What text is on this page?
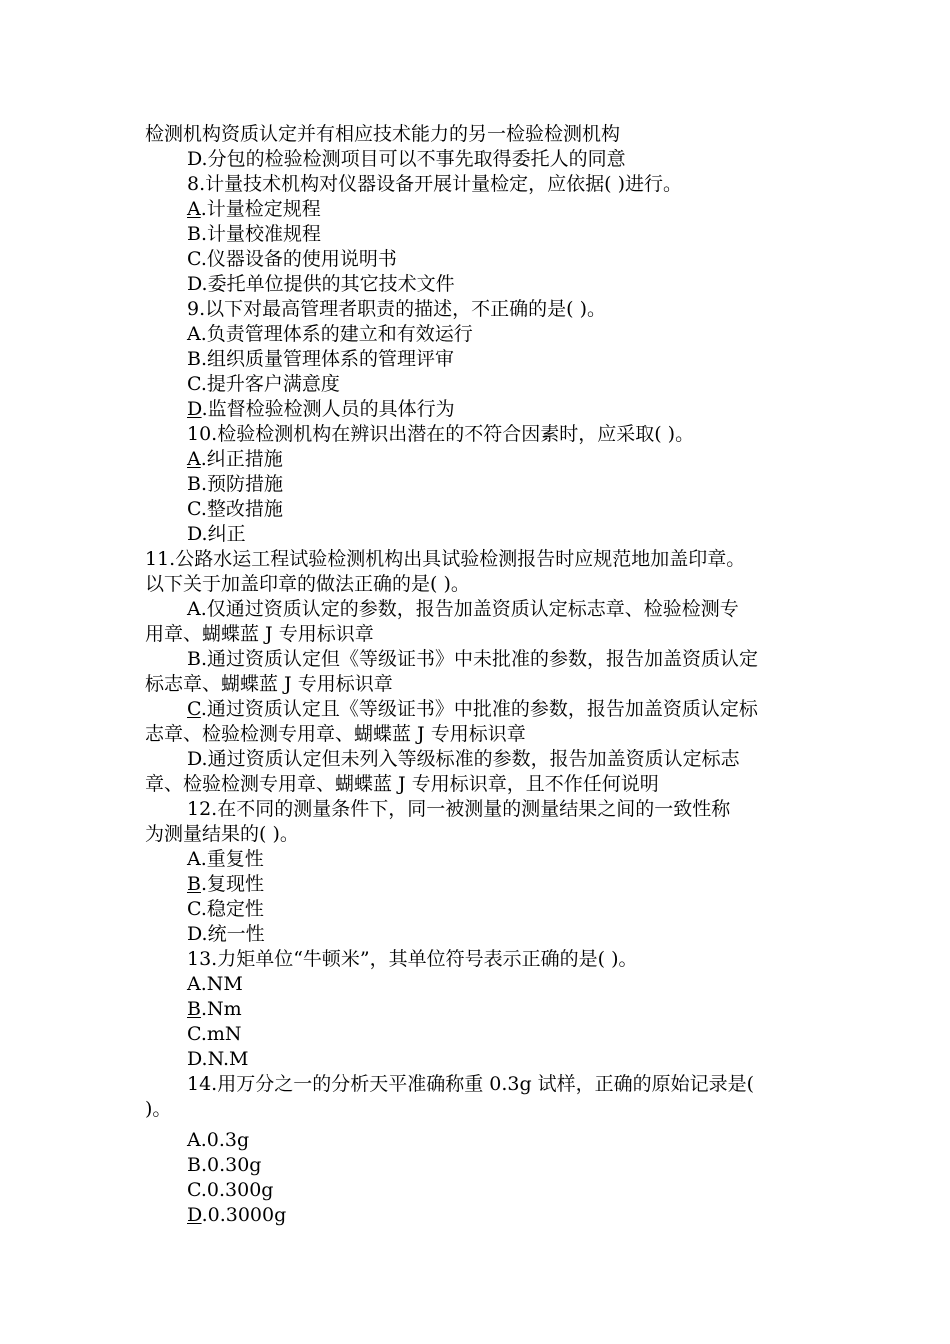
检测机构资质认定并有相应技术能力的另一检验检测机构
D.分包的检验检测项目可以不事先取得委托人的同意
8.计量技术机构对仪器设备开展计量检定，应依据( )进行。
A.计量检定规程
B.计量校准规程
C.仪器设备的使用说明书
D.委托单位提供的其它技术文件
9.以下对最高管理者职责的描述，不正确的是( )。
A.负责管理体系的建立和有效运行
B.组织质量管理体系的管理评审
C.提升客户满意度
D.监督检验检测人员的具体行为
10.检验检测机构在辨识出潜在的不符合因素时，应采取( )。
A.纠正措施
B.预防措施
C.整改措施
D.纠正
11.公路水运工程试验检测机构出具试验检测报告时应规范地加盖印章。
以下关于加盖印章的做法正确的是( )。
A.仅通过资质认定的参数，报告加盖资质认定标志章、检验检测专
用章、蝴蝶蓝 J 专用标识章
B.通过资质认定但《等级证书》中未批准的参数，报告加盖资质认定
标志章、蝴蝶蓝 J 专用标识章
C.通过资质认定且《等级证书》中批准的参数，报告加盖资质认定标
志章、检验检测专用章、蝴蝶蓝 J 专用标识章
D.通过资质认定但未列入等级标准的参数，报告加盖资质认定标志
章、检验检测专用章、蝴蝶蓝 J 专用标识章，且不作任何说明
12.在不同的测量条件下，同一被测量的测量结果之间的一致性称
为测量结果的( )。
A.重复性
B.复现性
C.稳定性
D.统一性
13.力矩单位“牛顿米”，其单位符号表示正确的是( )。
A.NM
B.Nm
C.mN
D.N.M
14.用万分之一的分析天平准确称重 0.3g 试样，正确的原始记录是(
)。
A.0.3g
B.0.30g
C.0.300g
D.0.3000g
